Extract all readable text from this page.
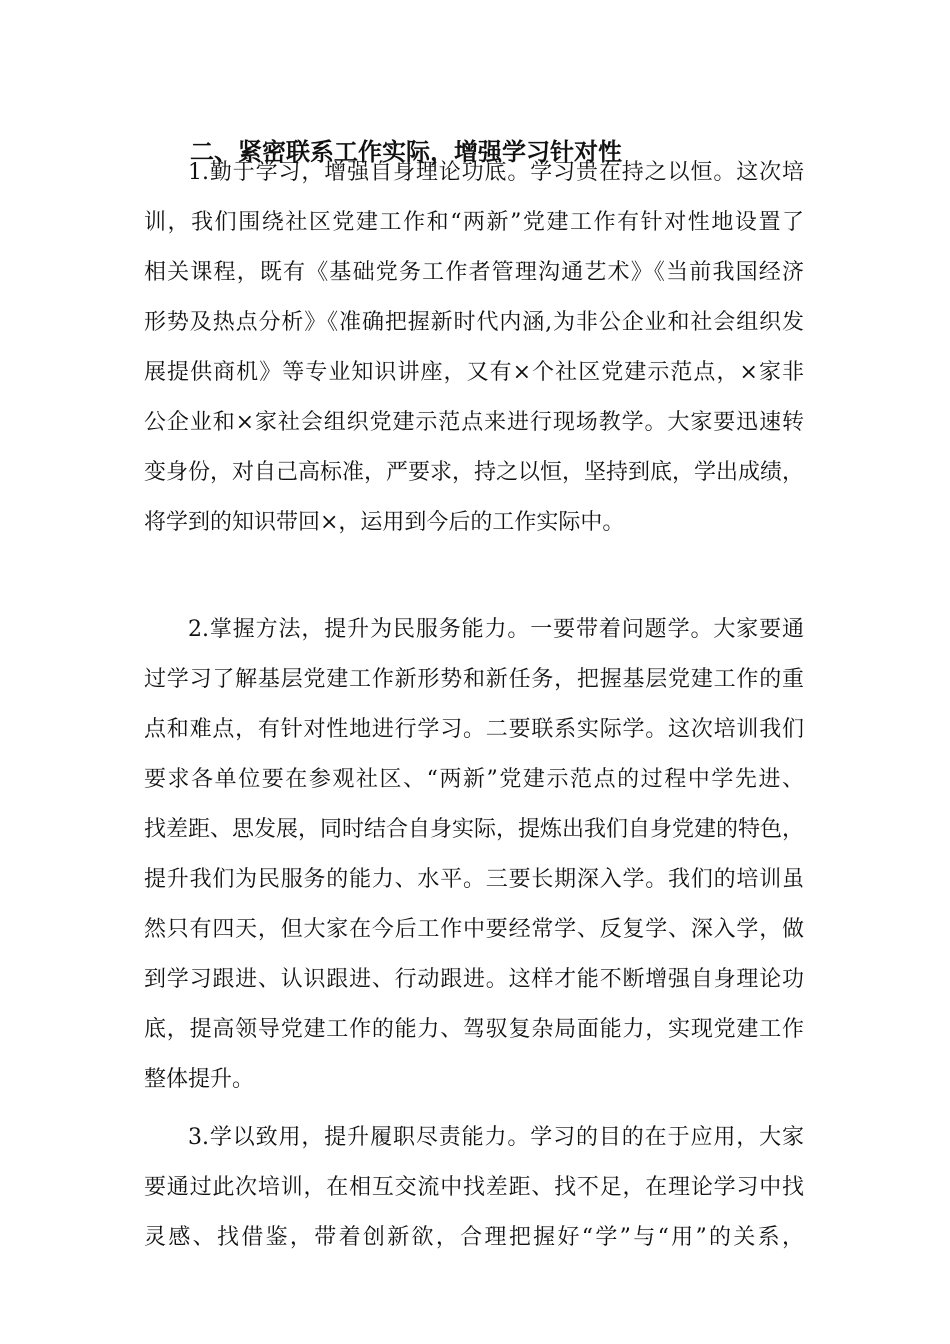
二、紧密联系工作实际，增强学习针对性
1.勤于学习，增强自身理论功底。学习贵在持之以恒。这次培
训，我们围绕社区党建工作和“两新”党建工作有针对性地设置了
相关课程，既有《基础党务工作者管理沟通艺术》《当前我国经济
形势及热点分析》《准确把握新时代内涵,为非公企业和社会组织发
展提供商机》等专业知识讲座，又有×个社区党建示范点，×家非
公企业和×家社会组织党建示范点来进行现场教学。大家要迅速转
变身份，对自己高标准，严要求，持之以恒，坚持到底，学出成绩，
将学到的知识带回×，运用到今后的工作实际中。
2.掌握方法，提升为民服务能力。一要带着问题学。大家要通
过学习了解基层党建工作新形势和新任务，把握基层党建工作的重
点和难点，有针对性地进行学习。二要联系实际学。这次培训我们
要求各单位要在参观社区、“两新”党建示范点的过程中学先进、
找差距、思发展，同时结合自身实际，提炼出我们自身党建的特色，
提升我们为民服务的能力、水平。三要长期深入学。我们的培训虽
然只有四天，但大家在今后工作中要经常学、反复学、深入学，做
到学习跟进、认识跟进、行动跟进。这样才能不断增强自身理论功
底，提高领导党建工作的能力、驾驭复杂局面能力，实现党建工作
整体提升。
3.学以致用，提升履职尽责能力。学习的目的在于应用，大家
要通过此次培训，在相互交流中找差距、找不足，在理论学习中找
灵感、找借鉴，带着创新欲，合理把握好“学”与“用”的关系，
